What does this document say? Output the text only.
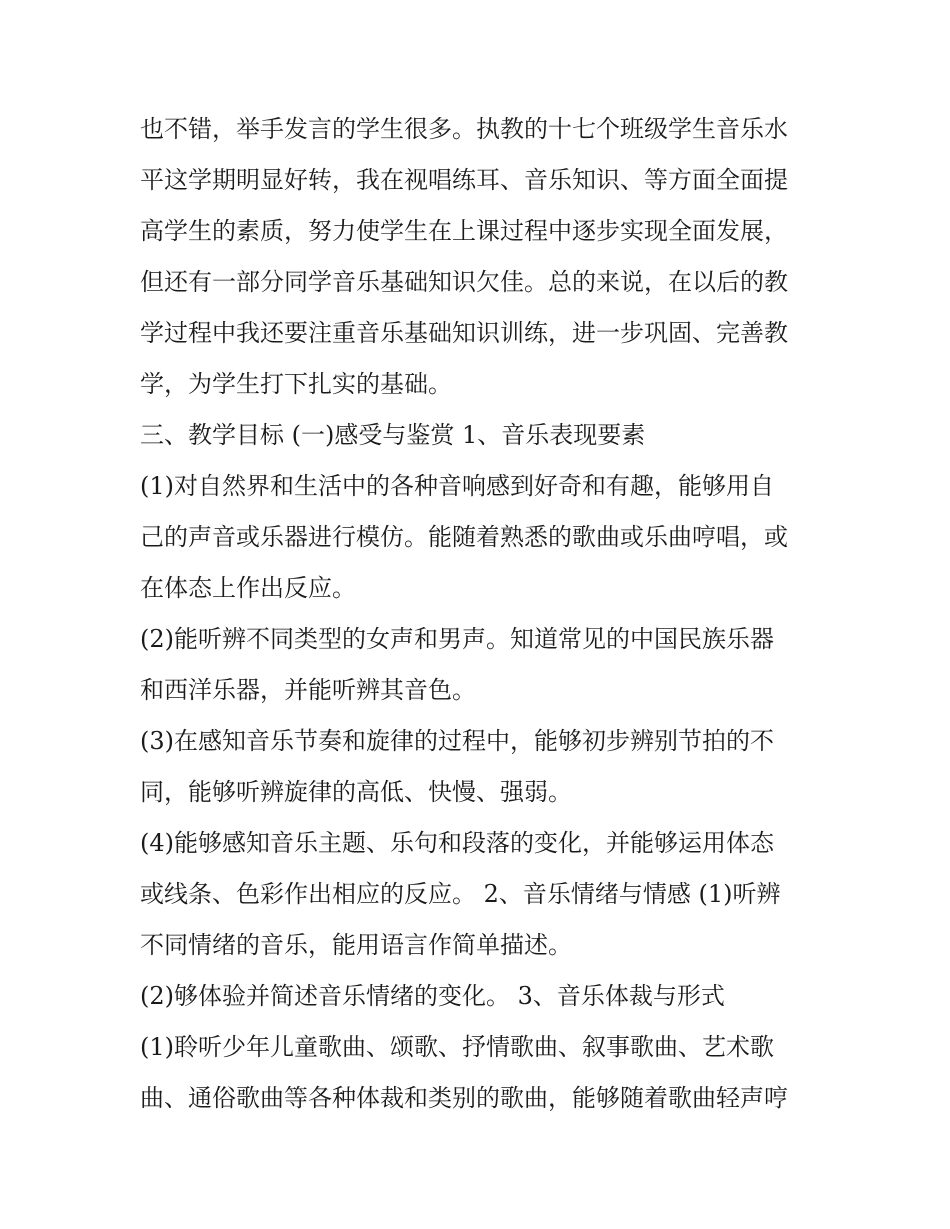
也不错，举手发言的学生很多。执教的十七个班级学生音乐水
平这学期明显好转，我在视唱练耳、音乐知识、等方面全面提
高学生的素质，努力使学生在上课过程中逐步实现全面发展，
但还有一部分同学音乐基础知识欠佳。总的来说，在以后的教
学过程中我还要注重音乐基础知识训练，进一步巩固、完善教
学，为学生打下扎实的基础。
三、教学目标 (一)感受与鉴赏 1、音乐表现要素
(1)对自然界和生活中的各种音响感到好奇和有趣，能够用自
己的声音或乐器进行模仿。能随着熟悉的歌曲或乐曲哼唱，或
在体态上作出反应。
(2)能听辨不同类型的女声和男声。知道常见的中国民族乐器
和西洋乐器，并能听辨其音色。
(3)在感知音乐节奏和旋律的过程中，能够初步辨别节拍的不
同，能够听辨旋律的高低、快慢、强弱。
(4)能够感知音乐主题、乐句和段落的变化，并能够运用体态
或线条、色彩作出相应的反应。 2、音乐情绪与情感 (1)听辨
不同情绪的音乐，能用语言作简单描述。
(2)够体验并简述音乐情绪的变化。 3、音乐体裁与形式
(1)聆听少年儿童歌曲、颂歌、抒情歌曲、叙事歌曲、艺术歌
曲、通俗歌曲等各种体裁和类别的歌曲，能够随着歌曲轻声哼
